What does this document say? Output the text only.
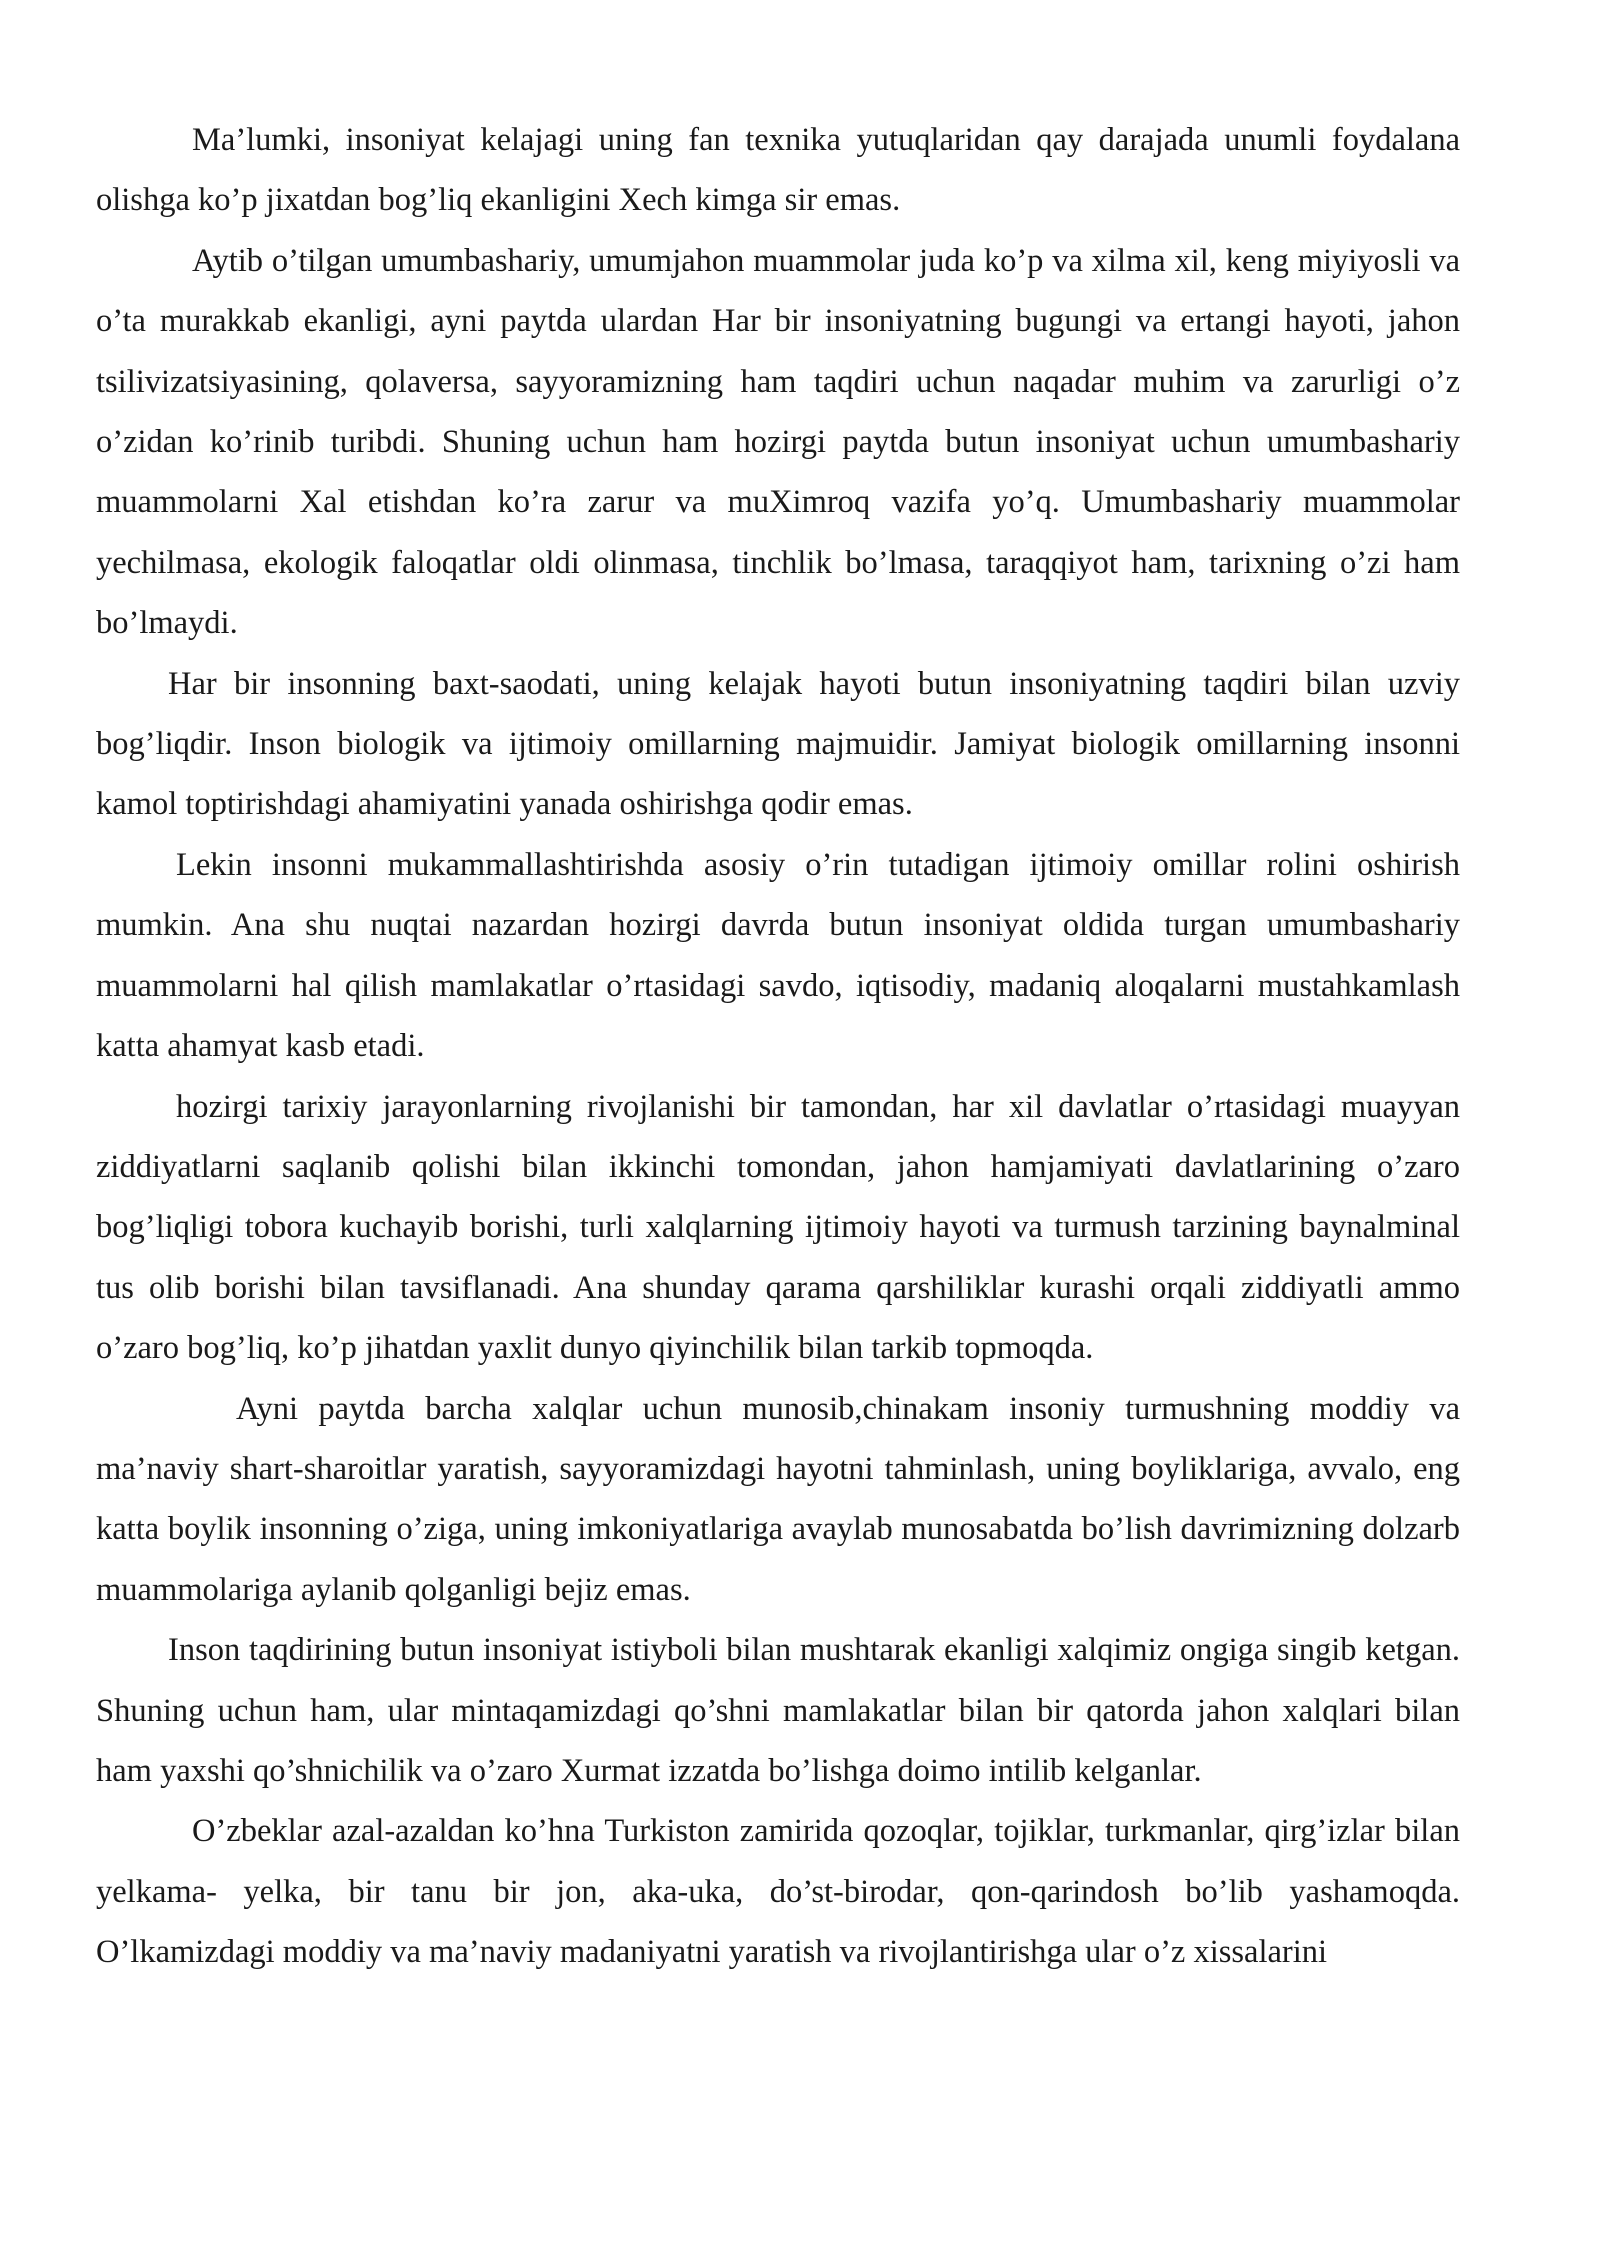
Ma’lumki, insoniyat kelajagi uning fan texnika yutuqlaridan qay darajada unumli foydalana olishga ko’p jixatdan bog’liq ekanligini Xech kimga sir emas.

Aytib o’tilgan umumbashariy, umumjahon muammolar juda ko’p va xilma xil, keng miyiyosli va o’ta murakkab ekanligi, ayni paytda ulardan Har bir insoniyatning bugungi va ertangi hayoti, jahon tsilivizatsiyasining, qolaversa, sayyoramizning ham taqdiri uchun naqadar muhim va zarurligi o’z o’zidan ko’rinib turibdi. Shuning uchun ham hozirgi paytda butun insoniyat uchun umumbashariy muammolarni Xal etishdan ko’ra zarur va muXimroq vazifa yo’q. Umumbashariy muammolar yechilmasa, ekologik faloqatlar oldi olinmasa, tinchlik bo’lmasa, taraqqiyot ham, tarixning o’zi ham bo’lmaydi.

Har bir insonning baxt-saodati, uning kelajak hayoti butun insoniyatning taqdiri bilan uzviy bog’liqdir. Inson biologik va ijtimoiy omillarning majmuidir. Jamiyat biologik omillarning insonni kamol toptirishdagi ahamiyatini yanada oshirishga qodir emas.

Lekin insonni mukammallashtirishda asosiy o’rin tutadigan ijtimoiy omillar rolini oshirish mumkin. Ana shu nuqtai nazardan hozirgi davrda butun insoniyat oldida turgan umumbashariy muammolarni hal qilish mamlakatlar o’rtasidagi savdo, iqtisodiy, madaniq aloqalarni mustahkamlash katta ahamyat kasb etadi.

hozirgi tarixiy jarayonlarning rivojlanishi bir tamondan, har xil davlatlar o’rtasidagi muayyan ziddiyatlarni saqlanib qolishi bilan ikkinchi tomondan, jahon hamjamiyati davlatlarining o’zaro bog’liqligi tobora kuchayib borishi, turli xalqlarning ijtimoiy hayoti va turmush tarzining baynalminal tus olib borishi bilan tavsiflanadi. Ana shunday qarama qarshiliklar kurashi orqali ziddiyatli ammo o’zaro bog’liq, ko’p jihatdan yaxlit dunyo qiyinchilik bilan tarkib topmoqda.

Ayni paytda barcha xalqlar uchun munosib,chinakam insoniy turmushning moddiy va ma’naviy shart-sharoitlar yaratish, sayyoramizdagi hayotni tahminlash, uning boyliklariga, avvalo, eng katta boylik insonning o’ziga, uning imkoniyatlariga avaylab munosabatda bo’lish davrimizning dolzarb muammolariga aylanib qolganligi bejiz emas.

Inson taqdirining butun insoniyat istiyboli bilan mushtarak ekanligi xalqimiz ongiga singib ketgan. Shuning uchun ham, ular mintaqamizdagi qo’shni mamlakatlar bilan bir qatorda jahon xalqlari bilan ham yaxshi qo’shnichilik va o’zaro Xurmat izzatda bo’lishga doimo intilib kelganlar.

O’zbeklar azal-azaldan ko’hna Turkiston zamirida qozoqlar, tojiklar, turkmanlar, qirg’izlar bilan yelkama- yelka, bir tanu bir jon, aka-uka, do’st-birodar, qon-qarindosh bo’lib yashamoqda. O’lkamizdagi moddiy va ma’naviy madaniyatni yaratish va rivojlantirishga ular o’z xissalarini
